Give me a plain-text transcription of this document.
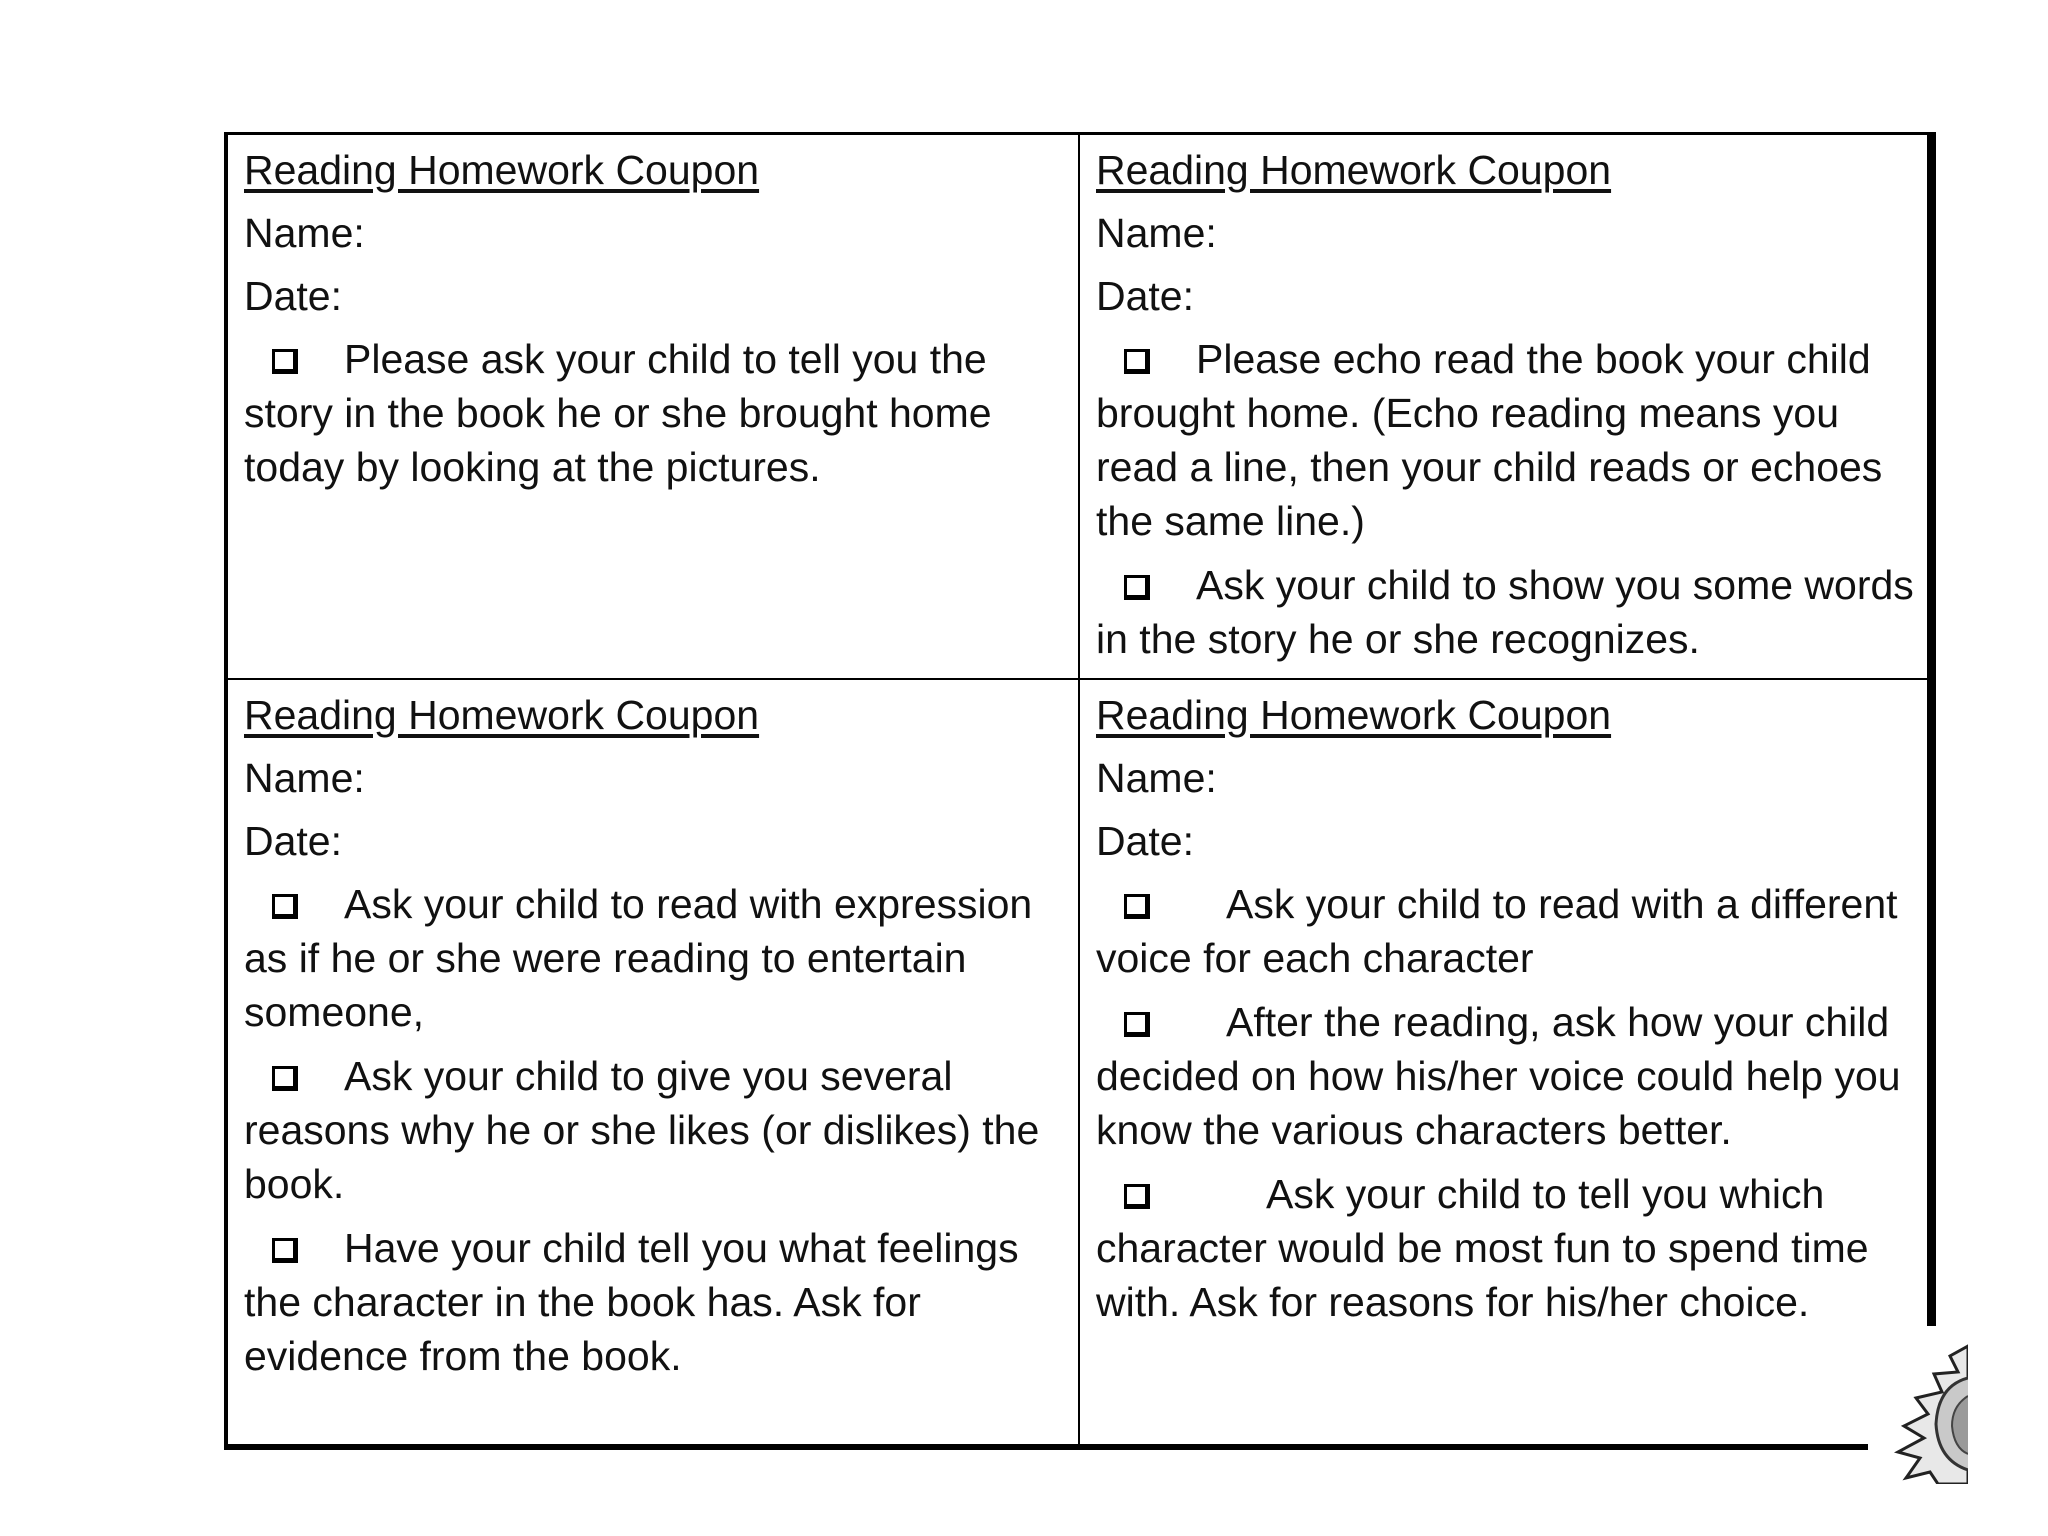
Reading Homework Coupon
Name:
Date:
Please ask your child to tell you the story in the book he or she brought home today by looking at the pictures.
Reading Homework Coupon
Name:
Date:
Please echo read the book your child brought home. (Echo reading means you read a line, then your child reads or echoes the same line.)
Ask your child to show you some words in the story he or she recognizes.
Reading Homework Coupon
Name:
Date:
Ask your child to read with expression as if he or she were reading to entertain someone,
Ask your child to give you several reasons why he or she likes (or dislikes) the book.
Have your child tell you what feelings the character in the book has. Ask for evidence from the book.
Reading Homework Coupon
Name:
Date:
Ask your child to read with a different voice for each character
After the reading, ask how your child decided on how his/her voice could help you know the various characters better.
Ask your child to tell you which character would be most fun to spend time with. Ask for reasons for his/her choice.
